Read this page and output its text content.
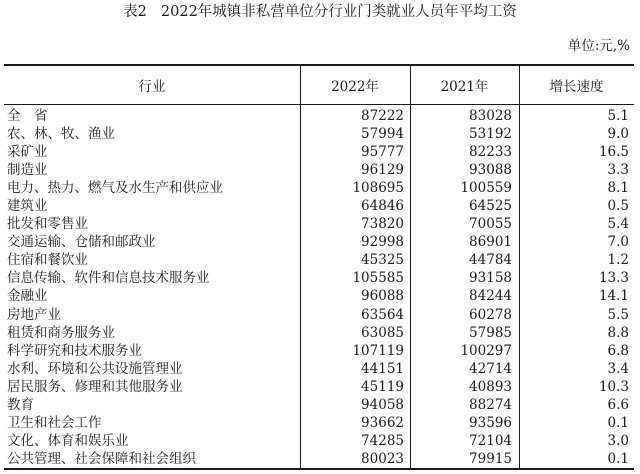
表2 2022年城镇非私营单位分行业门类就业人员年平均工资
单位:元,%
行业	2022年	2021年	增长速度
全　省	87222	83028	5.1
农、林、牧、渔业	57994	53192	9.0
采矿业	95777	82233	16.5
制造业	96129	93088	3.3
电力、热力、燃气及水生产和供应业	108695	100559	8.1
建筑业	64846	64525	0.5
批发和零售业	73820	70055	5.4
交通运输、仓储和邮政业	92998	86901	7.0
住宿和餐饮业	45325	44784	1.2
信息传输、软件和信息技术服务业	105585	93158	13.3
金融业	96088	84244	14.1
房地产业	63564	60278	5.5
租赁和商务服务业	63085	57985	8.8
科学研究和技术服务业	107119	100297	6.8
水利、环境和公共设施管理业	44151	42714	3.4
居民服务、修理和其他服务业	45119	40893	10.3
教育	94058	88274	6.6
卫生和社会工作	93662	93596	0.1
文化、体育和娱乐业	74285	72104	3.0
公共管理、社会保障和社会组织	80023	79915	0.1
